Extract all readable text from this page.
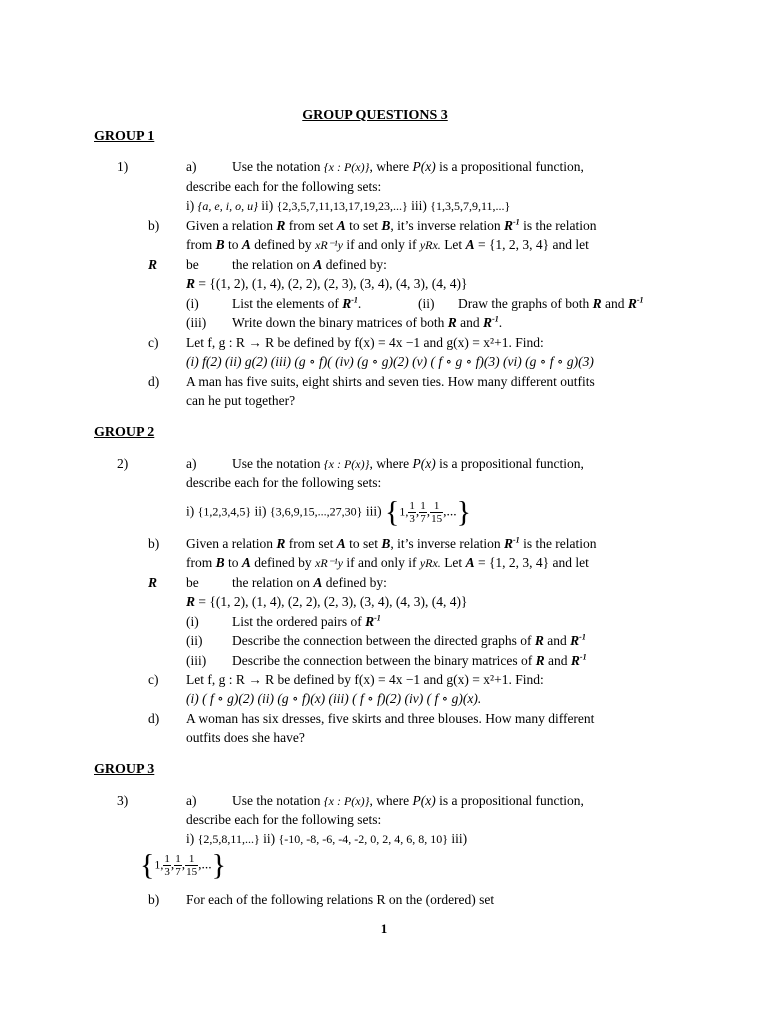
GROUP QUESTIONS 3
GROUP 1
1)	a)	Use the notation {x : P(x)}, where P(x) is a propositional function,
describe each for the following sets:
i) {a, e, i, o, u} ii) {2,3,5,7,11,13,17,19,23,...} iii) {1,3,5,7,9,11,...}
b) Given a relation R from set A to set B, it’s inverse relation $R^{-1}$ is the relation
from B to A defined by xR⁻¹y if and only if yRx. Let A = {1, 2, 3, 4} and let
R be the relation on A defined by:
R = {(1, 2), (1, 4), (2, 2), (2, 3), (3, 4), (4, 3), (4, 4)}
(i) List the elements of $R^{-1}$.	(ii) Draw the graphs of both R and $R^{-1}$
(iii) Write down the binary matrices of both R and $R^{-1}$.
c) Let f, g : R → R be defined by f(x) = 4x −1 and g(x) = x²+1. Find:
(i) f(2) (ii) g(2) (iii) (g ∘ f)( (iv) (g ∘ g)(2) (v) ( f ∘ g ∘ f)(3) (vi) (g ∘ f ∘ g)(3)
d) A man has five suits, eight shirts and seven ties. How many different outfits
can he put together?
GROUP 2
2)	a)	Use the notation {x : P(x)}, where P(x) is a propositional function,
describe each for the following sets:
i) {1,2,3,4,5} ii) {3,6,9,15,...,27,30} iii) {1, $\frac{1}{3}$ , $\frac{1}{7}$ , $\frac{1}{15}$ ,...}
b) Given a relation R from set A to set B, it’s inverse relation $R^{-1}$ is the relation
from B to A defined by xR⁻¹y if and only if yRx. Let A = {1, 2, 3, 4} and let
R be the relation on A defined by:
R = {(1, 2), (1, 4), (2, 2), (2, 3), (3, 4), (4, 3), (4, 4)}
(i) List the ordered pairs of $R^{-1}$
(ii) Describe the connection between the directed graphs of R and $R^{-1}$
(iii) Describe the connection between the binary matrices of R and $R^{-1}$
c) Let f, g : R → R be defined by f(x) = 4x −1 and g(x) = x²+1. Find:
(i) ( f ∘ g)(2) (ii) (g ∘ f)(x) (iii) ( f ∘ f)(2) (iv) ( f ∘ g)(x).
d) A woman has six dresses, five skirts and three blouses. How many different
outfits does she have?
GROUP 3
3)	a)	Use the notation {x : P(x)}, where P(x) is a propositional function,
describe each for the following sets:
i) {2,5,8,11,...} ii) {-10, -8, -6, -4, -2, 0, 2, 4, 6, 8, 10} iii)
{1, $\frac{1}{3}$ , $\frac{1}{7}$ , $\frac{1}{15}$ ,...}
b) For each of the following relations R on the (ordered) set
1
